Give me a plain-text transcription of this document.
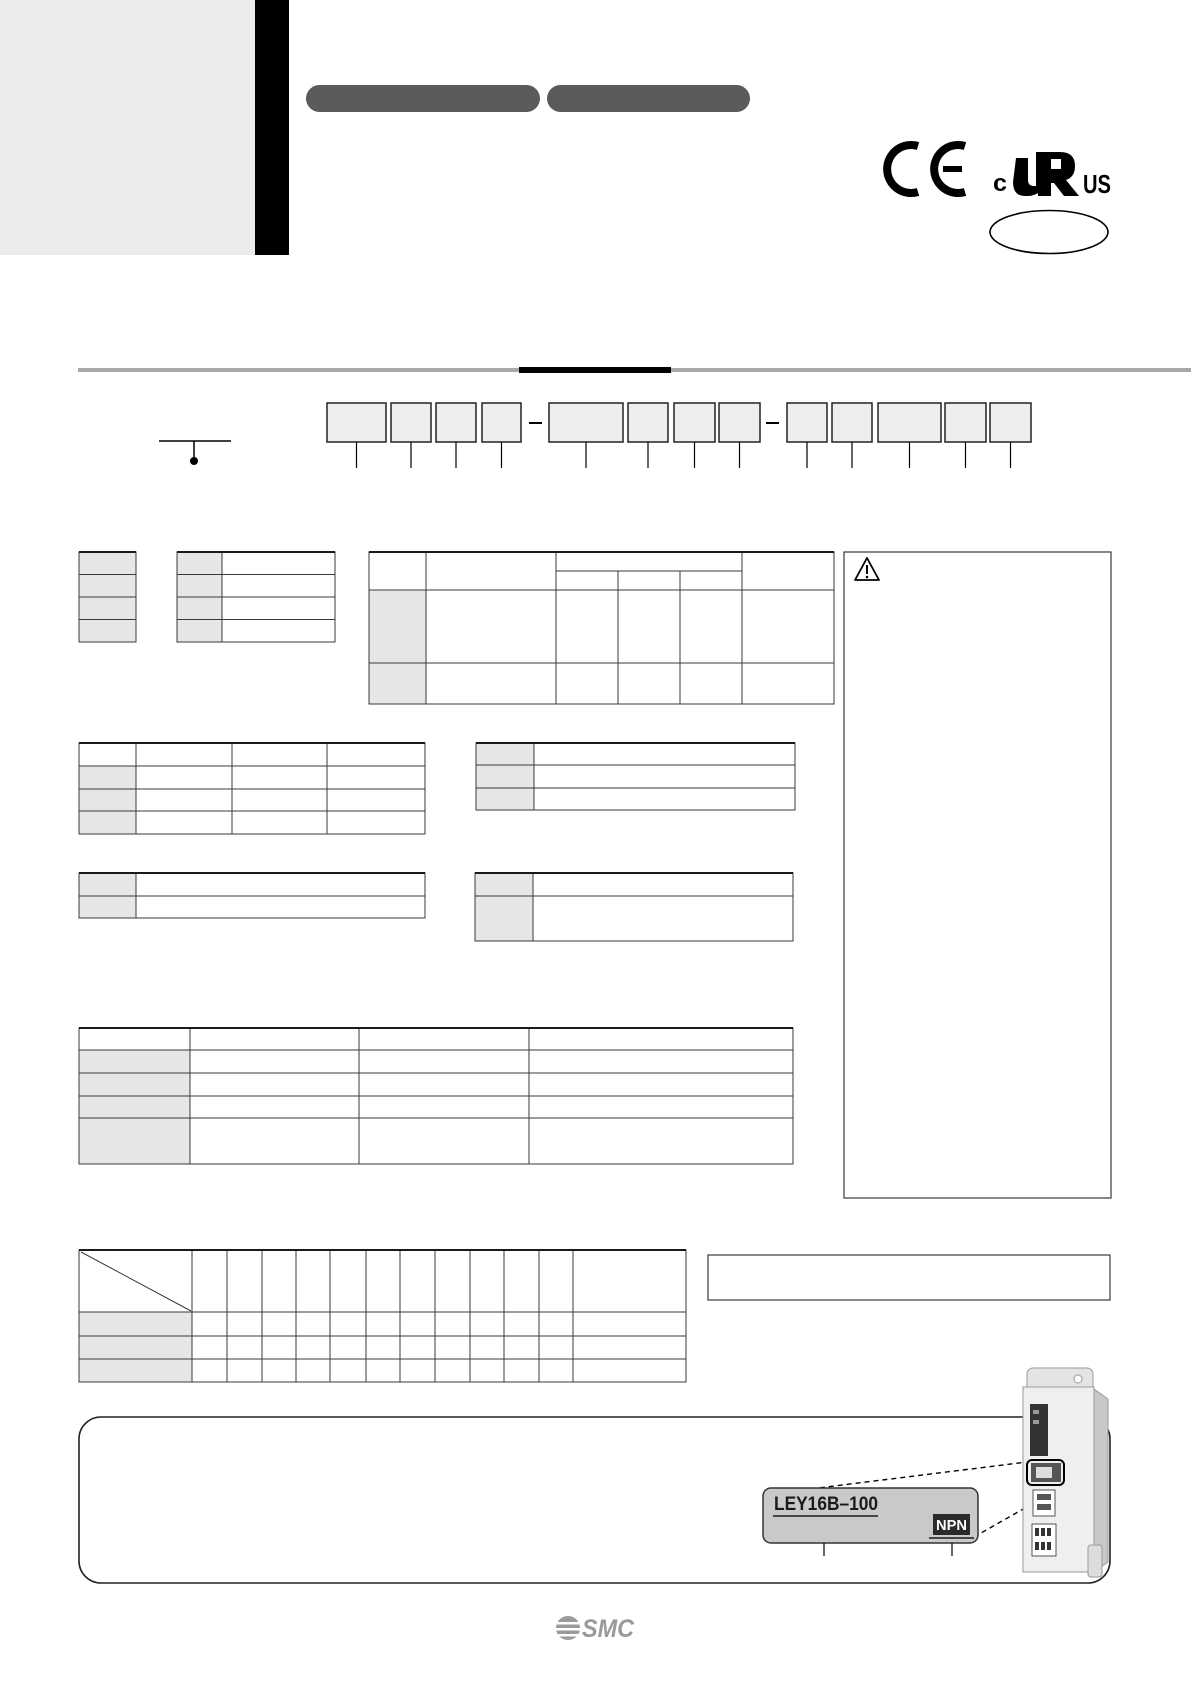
c	US
LEY16B–100
NPN
SMC
